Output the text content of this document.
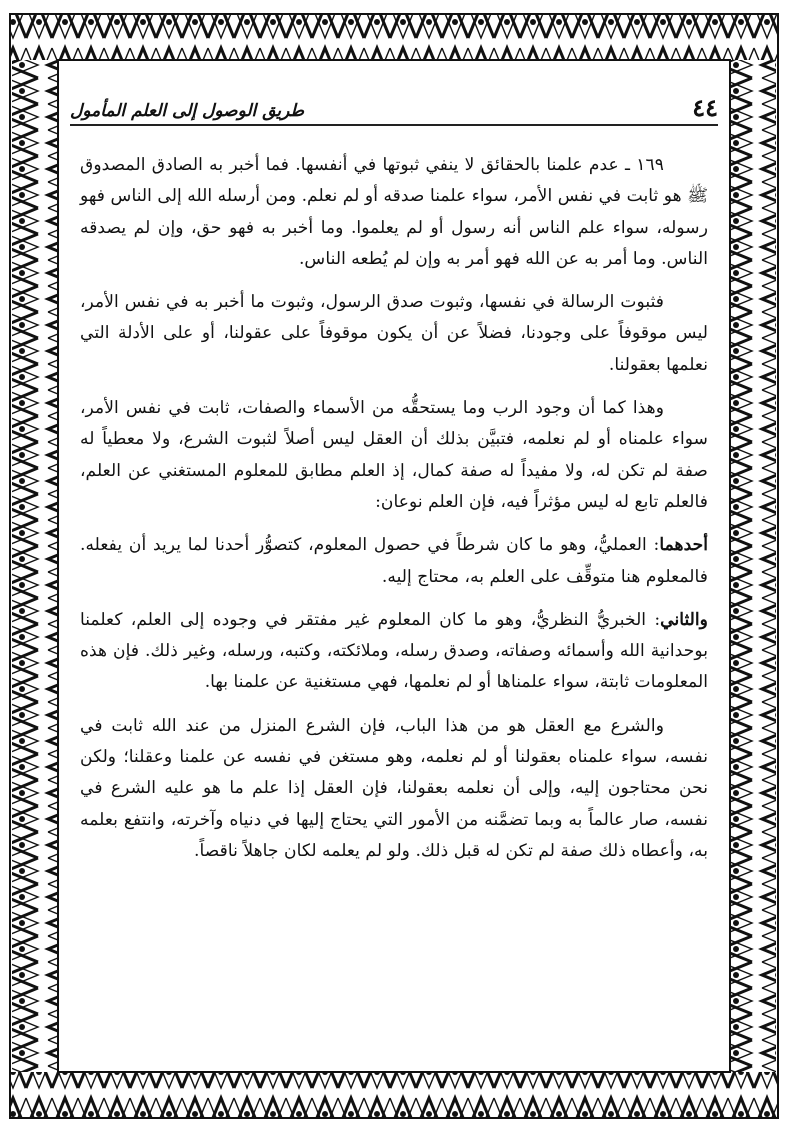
٤٤
طريق الوصول إلى العلم المأمول

١٦٩ ـ عدم علمنا بالحقائق لا ينفي ثبوتها في أنفسها. فما أخبر به الصادق المصدوق ﷺ هو ثابت في نفس الأمر، سواء علمنا صدقه أو لم نعلم. ومن أرسله الله إلى الناس فهو رسوله، سواء علم الناس أنه رسول أو لم يعلموا. وما أخبر به فهو حق، وإن لم يصدقه الناس. وما أمر به عن الله فهو أمر به وإن لم يُطعه الناس.

فثبوت الرسالة في نفسها، وثبوت صدق الرسول، وثبوت ما أخبر به في نفس الأمر، ليس موقوفاً على وجودنا، فضلاً عن أن يكون موقوفاً على عقولنا، أو على الأدلة التي نعلمها بعقولنا.

وهذا كما أن وجود الرب وما يستحقُّه من الأسماء والصفات، ثابت في نفس الأمر، سواء علمناه أو لم نعلمه، فتبيَّن بذلك أن العقل ليس أصلاً لثبوت الشرع، ولا معطياً له صفة لم تكن له، ولا مفيداً له صفة كمال، إذ العلم مطابق للمعلوم المستغني عن العلم، فالعلم تابع له ليس مؤثراً فيه، فإن العلم نوعان:

أحدهما: العمليُّ، وهو ما كان شرطاً في حصول المعلوم، كتصوُّر أحدنا لما يريد أن يفعله. فالمعلوم هنا متوقِّف على العلم به، محتاج إليه.

والثاني: الخبريُّ النظريُّ، وهو ما كان المعلوم غير مفتقر في وجوده إلى العلم، كعلمنا بوحدانية الله وأسمائه وصفاته، وصدق رسله، وملائكته، وكتبه، ورسله، وغير ذلك. فإن هذه المعلومات ثابتة، سواء علمناها أو لم نعلمها، فهي مستغنية عن علمنا بها.

والشرع مع العقل هو من هذا الباب، فإن الشرع المنزل من عند الله ثابت في نفسه، سواء علمناه بعقولنا أو لم نعلمه، وهو مستغن في نفسه عن علمنا وعقلنا؛ ولكن نحن محتاجون إليه، وإلى أن نعلمه بعقولنا، فإن العقل إذا علم ما هو عليه الشرع في نفسه، صار عالماً به وبما تضمَّنه من الأمور التي يحتاج إليها في دنياه وآخرته، وانتفع بعلمه به، وأعطاه ذلك صفة لم تكن له قبل ذلك. ولو لم يعلمه لكان جاهلاً ناقصاً.
